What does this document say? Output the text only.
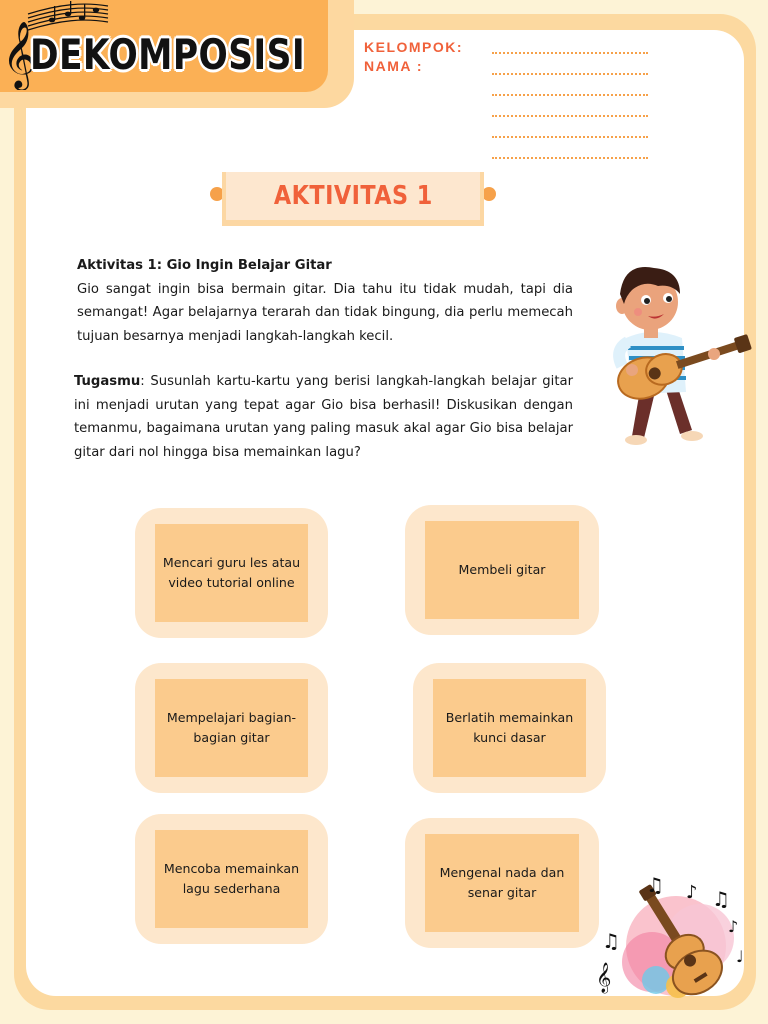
𝄞
DEKOMPOSISI	KELOMPOK:
NAMA :
AKTIVITAS 1
Aktivitas 1: Gio Ingin Belajar Gitar
Gio sangat ingin bisa bermain gitar. Dia tahu itu tidak mudah, tapi dia semangat! Agar belajarnya terarah dan tidak bingung, dia perlu memecah tujuan besarnya menjadi langkah-langkah kecil.
Tugasmu: Susunlah kartu-kartu yang berisi langkah-langkah belajar gitar ini menjadi urutan yang tepat agar Gio bisa berhasil! Diskusikan dengan temanmu, bagaimana urutan yang paling masuk akal agar Gio bisa belajar gitar dari nol hingga bisa memainkan lagu?
Mencari guru les atau video tutorial online
Membeli gitar
Mempelajari bagian-bagian gitar
Berlatih memainkan kunci dasar
Mencoba memainkan lagu sederhana
Mengenal nada dan senar gitar	♫ ♪ ♫
♪
♫
𝄞
♩
